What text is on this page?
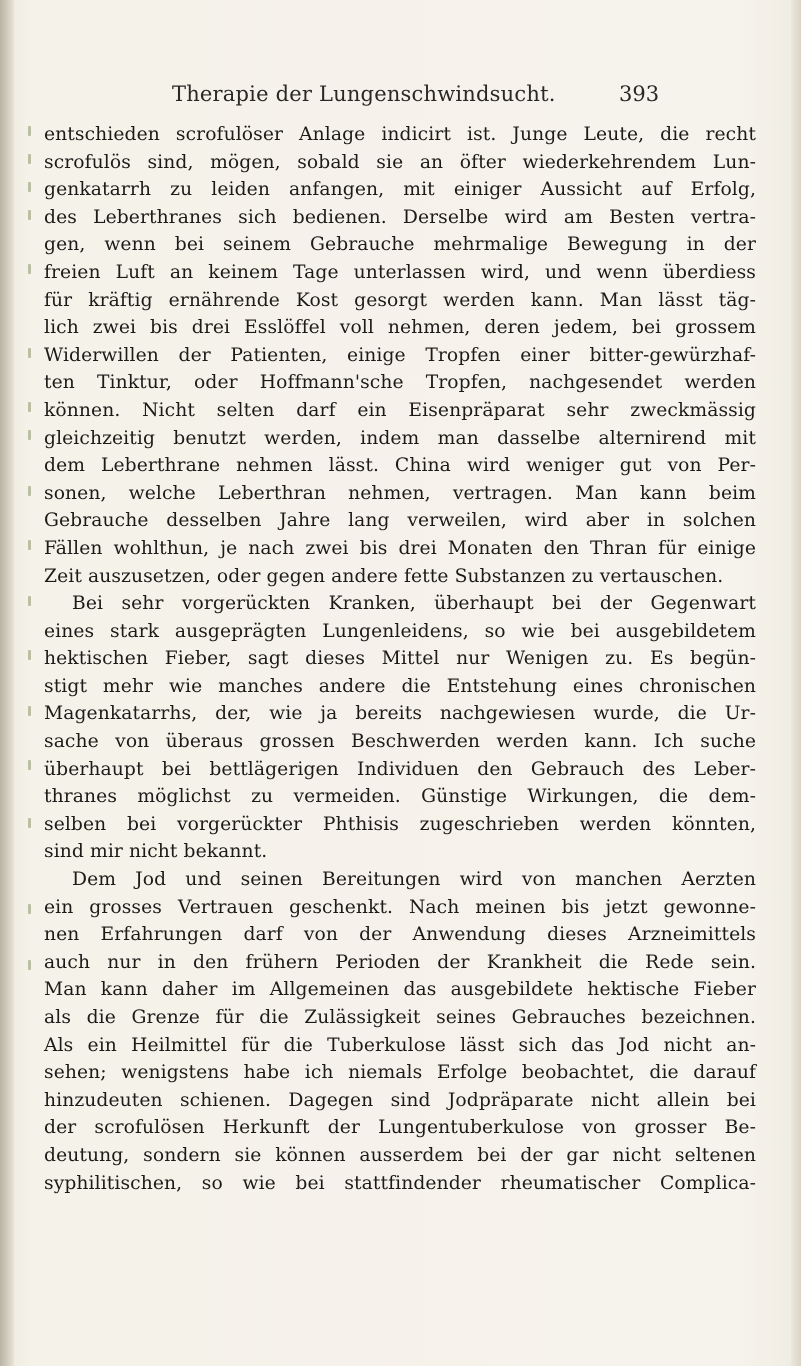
Therapie der Lungenschwindsucht.	393
entschieden scrofulöser Anlage indicirt ist. Junge Leute, die recht
scrofulös sind, mögen, sobald sie an öfter wiederkehrendem Lun-
genkatarrh zu leiden anfangen, mit einiger Aussicht auf Erfolg,
des Leberthranes sich bedienen. Derselbe wird am Besten vertra-
gen, wenn bei seinem Gebrauche mehrmalige Bewegung in der
freien Luft an keinem Tage unterlassen wird, und wenn überdiess
für kräftig ernährende Kost gesorgt werden kann. Man lässt täg-
lich zwei bis drei Esslöffel voll nehmen, deren jedem, bei grossem
Widerwillen der Patienten, einige Tropfen einer bitter-gewürzhaf-
ten Tinktur, oder Hoffmann'sche Tropfen, nachgesendet werden
können. Nicht selten darf ein Eisenpräparat sehr zweckmässig
gleichzeitig benutzt werden, indem man dasselbe alternirend mit
dem Leberthrane nehmen lässt. China wird weniger gut von Per-
sonen, welche Leberthran nehmen, vertragen. Man kann beim
Gebrauche desselben Jahre lang verweilen, wird aber in solchen
Fällen wohlthun, je nach zwei bis drei Monaten den Thran für einige
Zeit auszusetzen, oder gegen andere fette Substanzen zu vertauschen.
Bei sehr vorgerückten Kranken, überhaupt bei der Gegenwart
eines stark ausgeprägten Lungenleidens, so wie bei ausgebildetem
hektischen Fieber, sagt dieses Mittel nur Wenigen zu. Es begün-
stigt mehr wie manches andere die Entstehung eines chronischen
Magenkatarrhs, der, wie ja bereits nachgewiesen wurde, die Ur-
sache von überaus grossen Beschwerden werden kann. Ich suche
überhaupt bei bettlägerigen Individuen den Gebrauch des Leber-
thranes möglichst zu vermeiden. Günstige Wirkungen, die dem-
selben bei vorgerückter Phthisis zugeschrieben werden könnten,
sind mir nicht bekannt.
Dem Jod und seinen Bereitungen wird von manchen Aerzten
ein grosses Vertrauen geschenkt. Nach meinen bis jetzt gewonne-
nen Erfahrungen darf von der Anwendung dieses Arzneimittels
auch nur in den frühern Perioden der Krankheit die Rede sein.
Man kann daher im Allgemeinen das ausgebildete hektische Fieber
als die Grenze für die Zulässigkeit seines Gebrauches bezeichnen.
Als ein Heilmittel für die Tuberkulose lässt sich das Jod nicht an-
sehen; wenigstens habe ich niemals Erfolge beobachtet, die darauf
hinzudeuten schienen. Dagegen sind Jodpräparate nicht allein bei
der scrofulösen Herkunft der Lungentuberkulose von grosser Be-
deutung, sondern sie können ausserdem bei der gar nicht seltenen
syphilitischen, so wie bei stattfindender rheumatischer Complica-
